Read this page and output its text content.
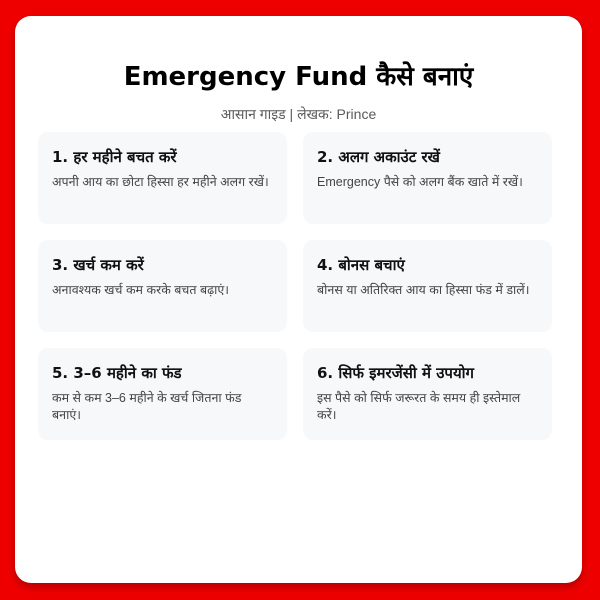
Emergency Fund कैसे बनाएं
आसान गाइड | लेखक: Prince
1. हर महीने बचत करें
अपनी आय का छोटा हिस्सा हर महीने अलग रखें।
2. अलग अकाउंट रखें
Emergency पैसे को अलग बैंक खाते में रखें।
3. खर्च कम करें
अनावश्यक खर्च कम करके बचत बढ़ाएं।
4. बोनस बचाएं
बोनस या अतिरिक्त आय का हिस्सा फंड में डालें।
5. 3–6 महीने का फंड
कम से कम 3–6 महीने के खर्च जितना फंड बनाएं।
6. सिर्फ इमरजेंसी में उपयोग
इस पैसे को सिर्फ जरूरत के समय ही इस्तेमाल करें।
